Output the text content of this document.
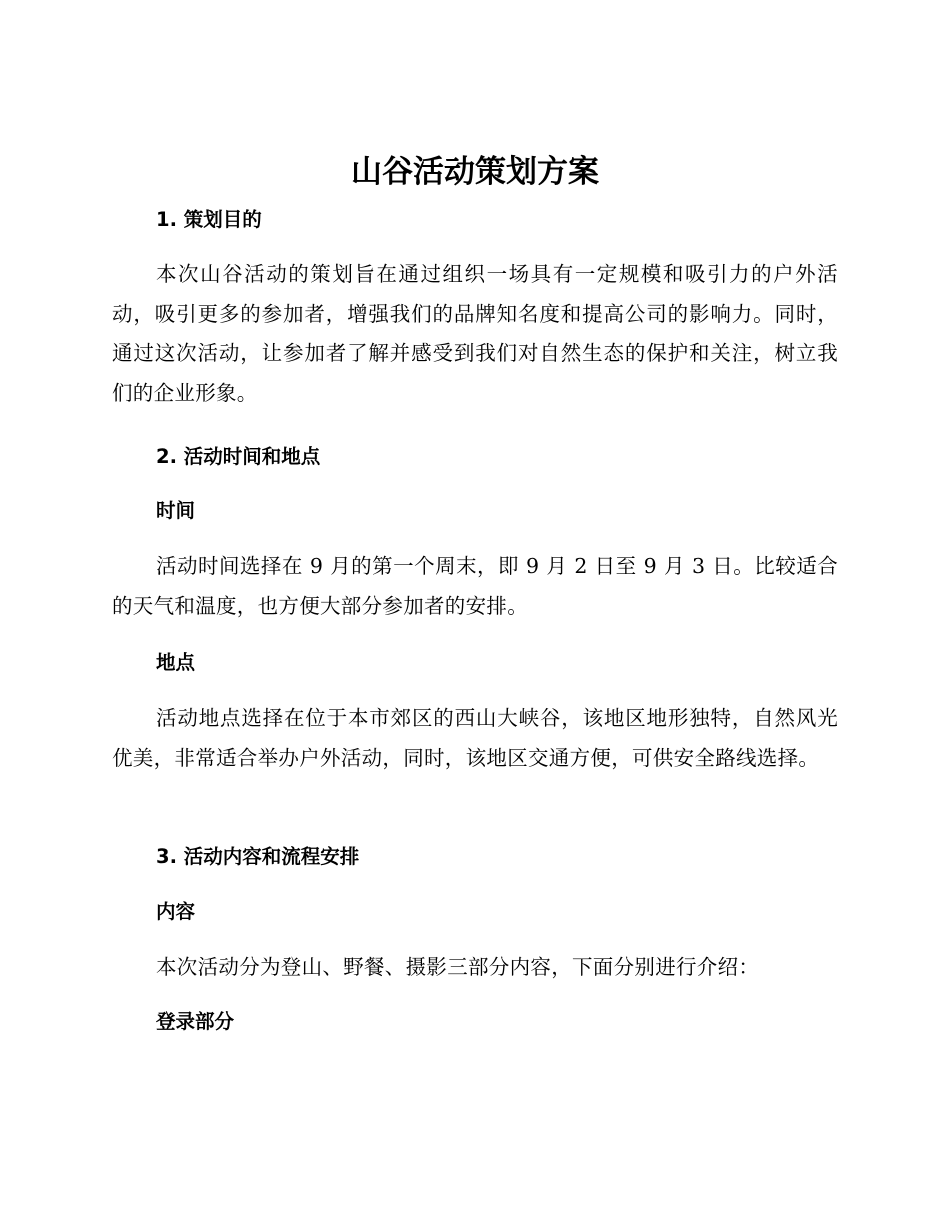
山谷活动策划方案
1. 策划目的

本次山谷活动的策划旨在通过组织一场具有一定规模和吸引力的户外活动，吸引更多的参加者，增强我们的品牌知名度和提高公司的影响力。同时，通过这次活动，让参加者了解并感受到我们对自然生态的保护和关注，树立我们的企业形象。

2. 活动时间和地点
时间

活动时间选择在 9 月的第一个周末，即 9 月 2 日至 9 月 3 日。比较适合的天气和温度，也方便大部分参加者的安排。

地点

活动地点选择在位于本市郊区的西山大峡谷，该地区地形独特，自然风光优美，非常适合举办户外活动，同时，该地区交通方便，可供安全路线选择。

3. 活动内容和流程安排
内容

本次活动分为登山、野餐、摄影三部分内容，下面分别进行介绍：

登录部分
